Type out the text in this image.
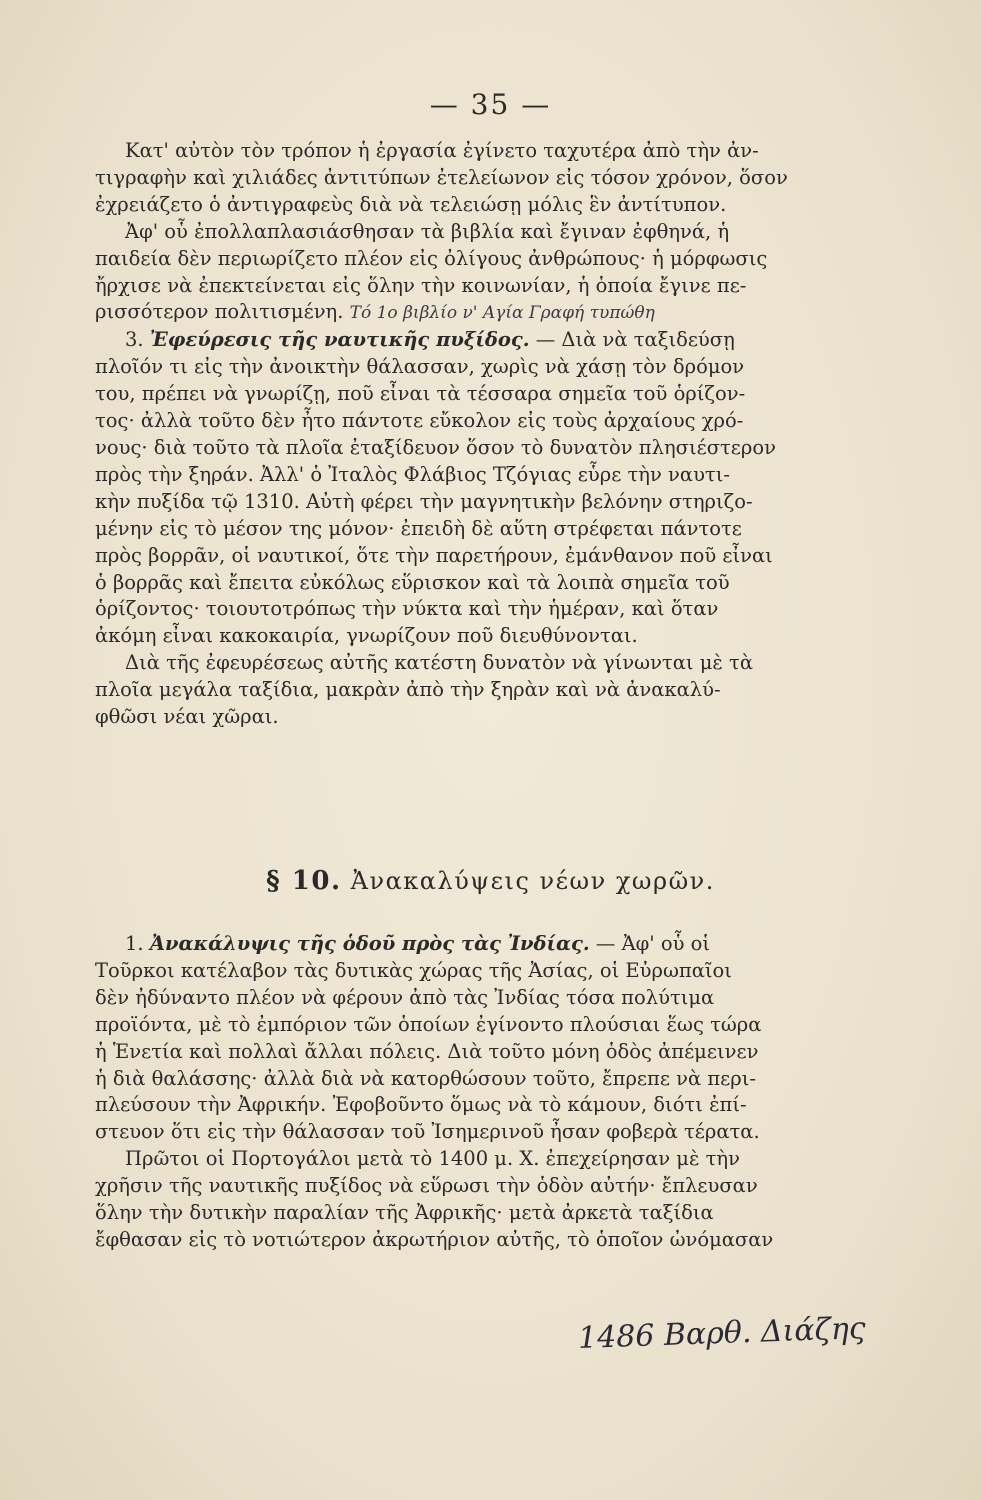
— 35 —
Κατ' αὐτὸν τὸν τρόπον ἡ ἐργασία ἐγίνετο ταχυτέρα ἀπὸ τὴν ἀν-
τιγραφὴν καὶ χιλιάδες ἀντιτύπων ἐτελείωνον εἰς τόσον χρόνον, ὅσον
ἐχρειάζετο ὁ ἀντιγραφεὺς διὰ νὰ τελειώσῃ μόλις ἓν ἀντίτυπον.
Ἀφ' οὗ ἐπολλαπλασιάσθησαν τὰ βιβλία καὶ ἔγιναν ἐφθηνά, ἡ
παιδεία δὲν περιωρίζετο πλέον εἰς ὀλίγους ἀνθρώπους· ἡ μόρφωσις
ἤρχισε νὰ ἐπεκτείνεται εἰς ὅλην τὴν κοινωνίαν, ἡ ὁποία ἔγινε πε-
ρισσότερον πολιτισμένη. Τό 1ο βιβλίο ν' Αγία Γραφή τυπώθη
3. Ἐφεύρεσις τῆς ναυτικῆς πυξίδος. — Διὰ νὰ ταξιδεύσῃ
πλοῖόν τι εἰς τὴν ἀνοικτὴν θάλασσαν, χωρὶς νὰ χάσῃ τὸν δρόμον
του, πρέπει νὰ γνωρίζῃ, ποῦ εἶναι τὰ τέσσαρα σημεῖα τοῦ ὁρίζον-
τος· ἀλλὰ τοῦτο δὲν ἦτο πάντοτε εὔκολον εἰς τοὺς ἀρχαίους χρό-
νους· διὰ τοῦτο τὰ πλοῖα ἐταξίδευον ὅσον τὸ δυνατὸν πλησιέστερον
πρὸς τὴν ξηράν. Ἀλλ' ὁ Ἰταλὸς Φλάβιος Τζόγιας εὗρε τὴν ναυτι-
κὴν πυξίδα τῷ 1310. Αὐτὴ φέρει τὴν μαγνητικὴν βελόνην στηριζο-
μένην εἰς τὸ μέσον της μόνον· ἐπειδὴ δὲ αὕτη στρέφεται πάντοτε
πρὸς βορρᾶν, οἱ ναυτικοί, ὅτε τὴν παρετήρουν, ἐμάνθανον ποῦ εἶναι
ὁ βορρᾶς καὶ ἔπειτα εὐκόλως εὕρισκον καὶ τὰ λοιπὰ σημεῖα τοῦ
ὁρίζοντος· τοιουτοτρόπως τὴν νύκτα καὶ τὴν ἡμέραν, καὶ ὅταν
ἀκόμη εἶναι κακοκαιρία, γνωρίζουν ποῦ διευθύνονται.
Διὰ τῆς ἐφευρέσεως αὐτῆς κατέστη δυνατὸν νὰ γίνωνται μὲ τὰ
πλοῖα μεγάλα ταξίδια, μακρὰν ἀπὸ τὴν ξηρὰν καὶ νὰ ἀνακαλύ-
φθῶσι νέαι χῶραι.
§ 10. Ἀνακαλύψεις νέων χωρῶν.
1. Ἀνακάλυψις τῆς ὁδοῦ πρὸς τὰς Ἰνδίας. — Ἀφ' οὗ οἱ
Τοῦρκοι κατέλαβον τὰς δυτικὰς χώρας τῆς Ἀσίας, οἱ Εὐρωπαῖοι
δὲν ἠδύναντο πλέον νὰ φέρουν ἀπὸ τὰς Ἰνδίας τόσα πολύτιμα
προϊόντα, μὲ τὸ ἐμπόριον τῶν ὁποίων ἐγίνοντο πλούσιαι ἕως τώρα
ἡ Ἑνετία καὶ πολλαὶ ἄλλαι πόλεις. Διὰ τοῦτο μόνη ὁδὸς ἀπέμεινεν
ἡ διὰ θαλάσσης· ἀλλὰ διὰ νὰ κατορθώσουν τοῦτο, ἔπρεπε νὰ περι-
πλεύσουν τὴν Ἀφρικήν. Ἐφοβοῦντο ὅμως νὰ τὸ κάμουν, διότι ἐπί-
στευον ὅτι εἰς τὴν θάλασσαν τοῦ Ἰσημερινοῦ ἦσαν φοβερὰ τέρατα.
Πρῶτοι οἱ Πορτογάλοι μετὰ τὸ 1400 μ. Χ. ἐπεχείρησαν μὲ τὴν
χρῆσιν τῆς ναυτικῆς πυξίδος νὰ εὕρωσι τὴν ὁδὸν αὐτήν· ἔπλευσαν
ὅλην τὴν δυτικὴν παραλίαν τῆς Ἀφρικῆς· μετὰ ἀρκετὰ ταξίδια
ἔφθασαν εἰς τὸ νοτιώτερον ἀκρωτήριον αὐτῆς, τὸ ὁποῖον ὠνόμασαν
1486 Βαρθ. Διάζης
